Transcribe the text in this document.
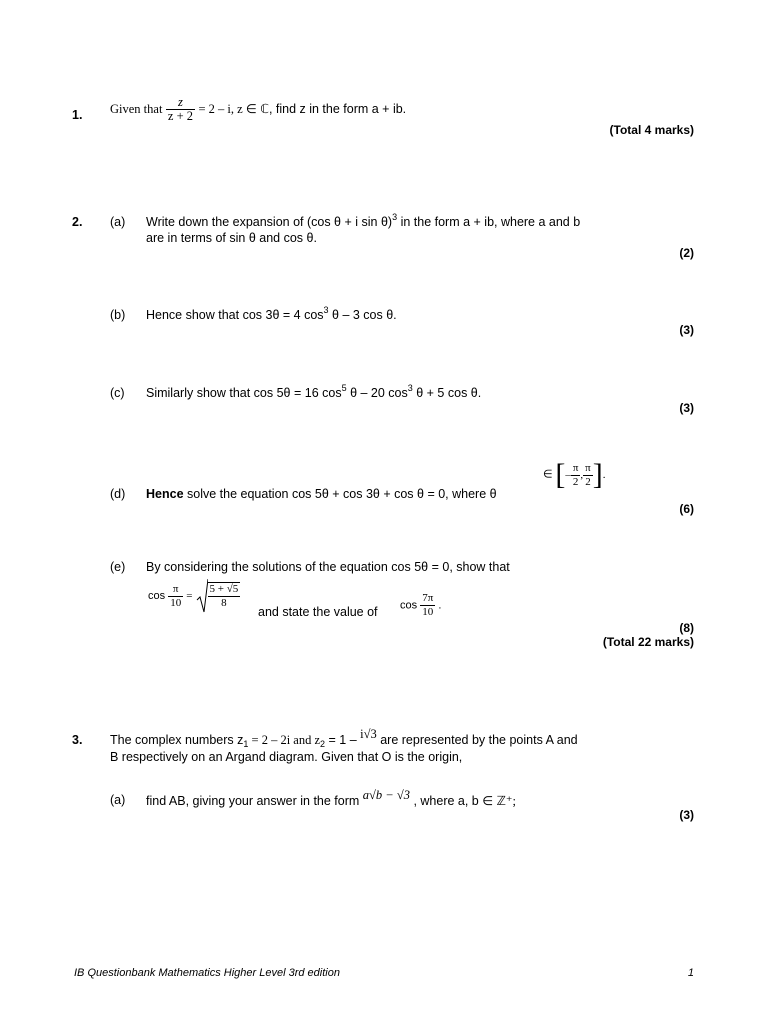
1. Given that $\frac{z}{z + 2} = 2 - i$, z ∈ ℂ, find z in the form a + ib.
(Total 4 marks)
2. (a) Write down the expansion of (cos θ + i sin θ)$^3$ in the form a + ib, where a and b
are in terms of sin θ and cos θ.
(2)
(b) Hence show that cos 3θ = 4 $\cos^3 \theta - 3$ cos θ.
(3)
(c) Similarly show that cos 5θ = 16 $\cos^5 \theta - 20$ $\cos^3 \theta + 5$ cos θ.
(3)
(d) Hence solve the equation cos 5θ + cos 3θ + cos θ = 0, where θ
∈ [– $\frac{\pi}{2}$ , $\frac{\pi}{2}$ ].
(6)
(e) By considering the solutions of the equation cos 5θ = 0, show that
$\cos \frac{\pi}{10} = \frac{5 + √5}{8}$
and state the value of $\cos \frac{7\pi}{10}$ .
(8)
(Total 22 marks)
3. The complex numbers $z_1 = 2 - 2i$ and $z_2 = 1 - i√3$ are represented by the points A and
B respectively on an Argand diagram. Given that O is the origin,
(a) find AB, giving your answer in the form a√b − √3 , where a, b ∈ ℤ⁺;
(3)
IB Questionbank Mathematics Higher Level 3rd edition	1
